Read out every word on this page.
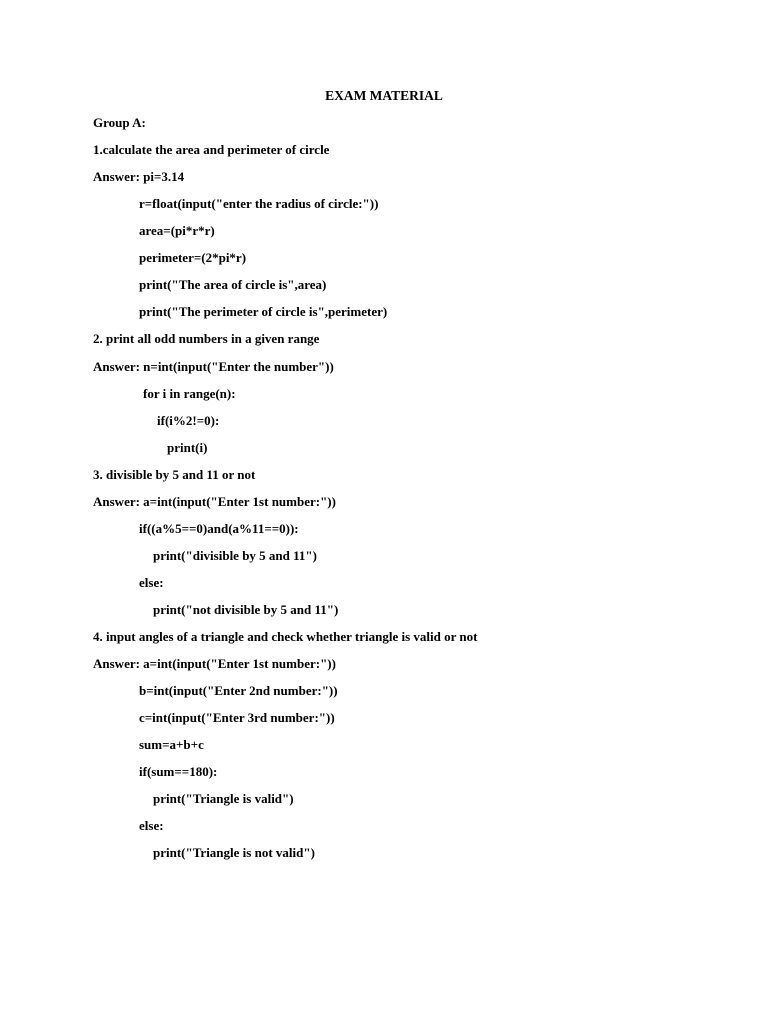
EXAM MATERIAL
Group A:
1.calculate the area and perimeter of circle
Answer: pi=3.14
r=float(input("enter the radius of circle:"))
area=(pi*r*r)
perimeter=(2*pi*r)
print("The area of circle is",area)
print("The perimeter of circle is",perimeter)
2. print all odd numbers in a given range
Answer: n=int(input("Enter the number"))
for i in range(n):
if(i%2!=0):
print(i)
3. divisible by 5 and 11 or not
Answer: a=int(input("Enter 1st number:"))
if((a%5==0)and(a%11==0)):
print("divisible by 5 and 11")
else:
print("not divisible by 5 and 11")
4. input angles of a triangle and check whether triangle is valid or not
Answer: a=int(input("Enter 1st number:"))
b=int(input("Enter 2nd number:"))
c=int(input("Enter 3rd number:"))
sum=a+b+c
if(sum==180):
print("Triangle is valid")
else:
print("Triangle is not valid")
